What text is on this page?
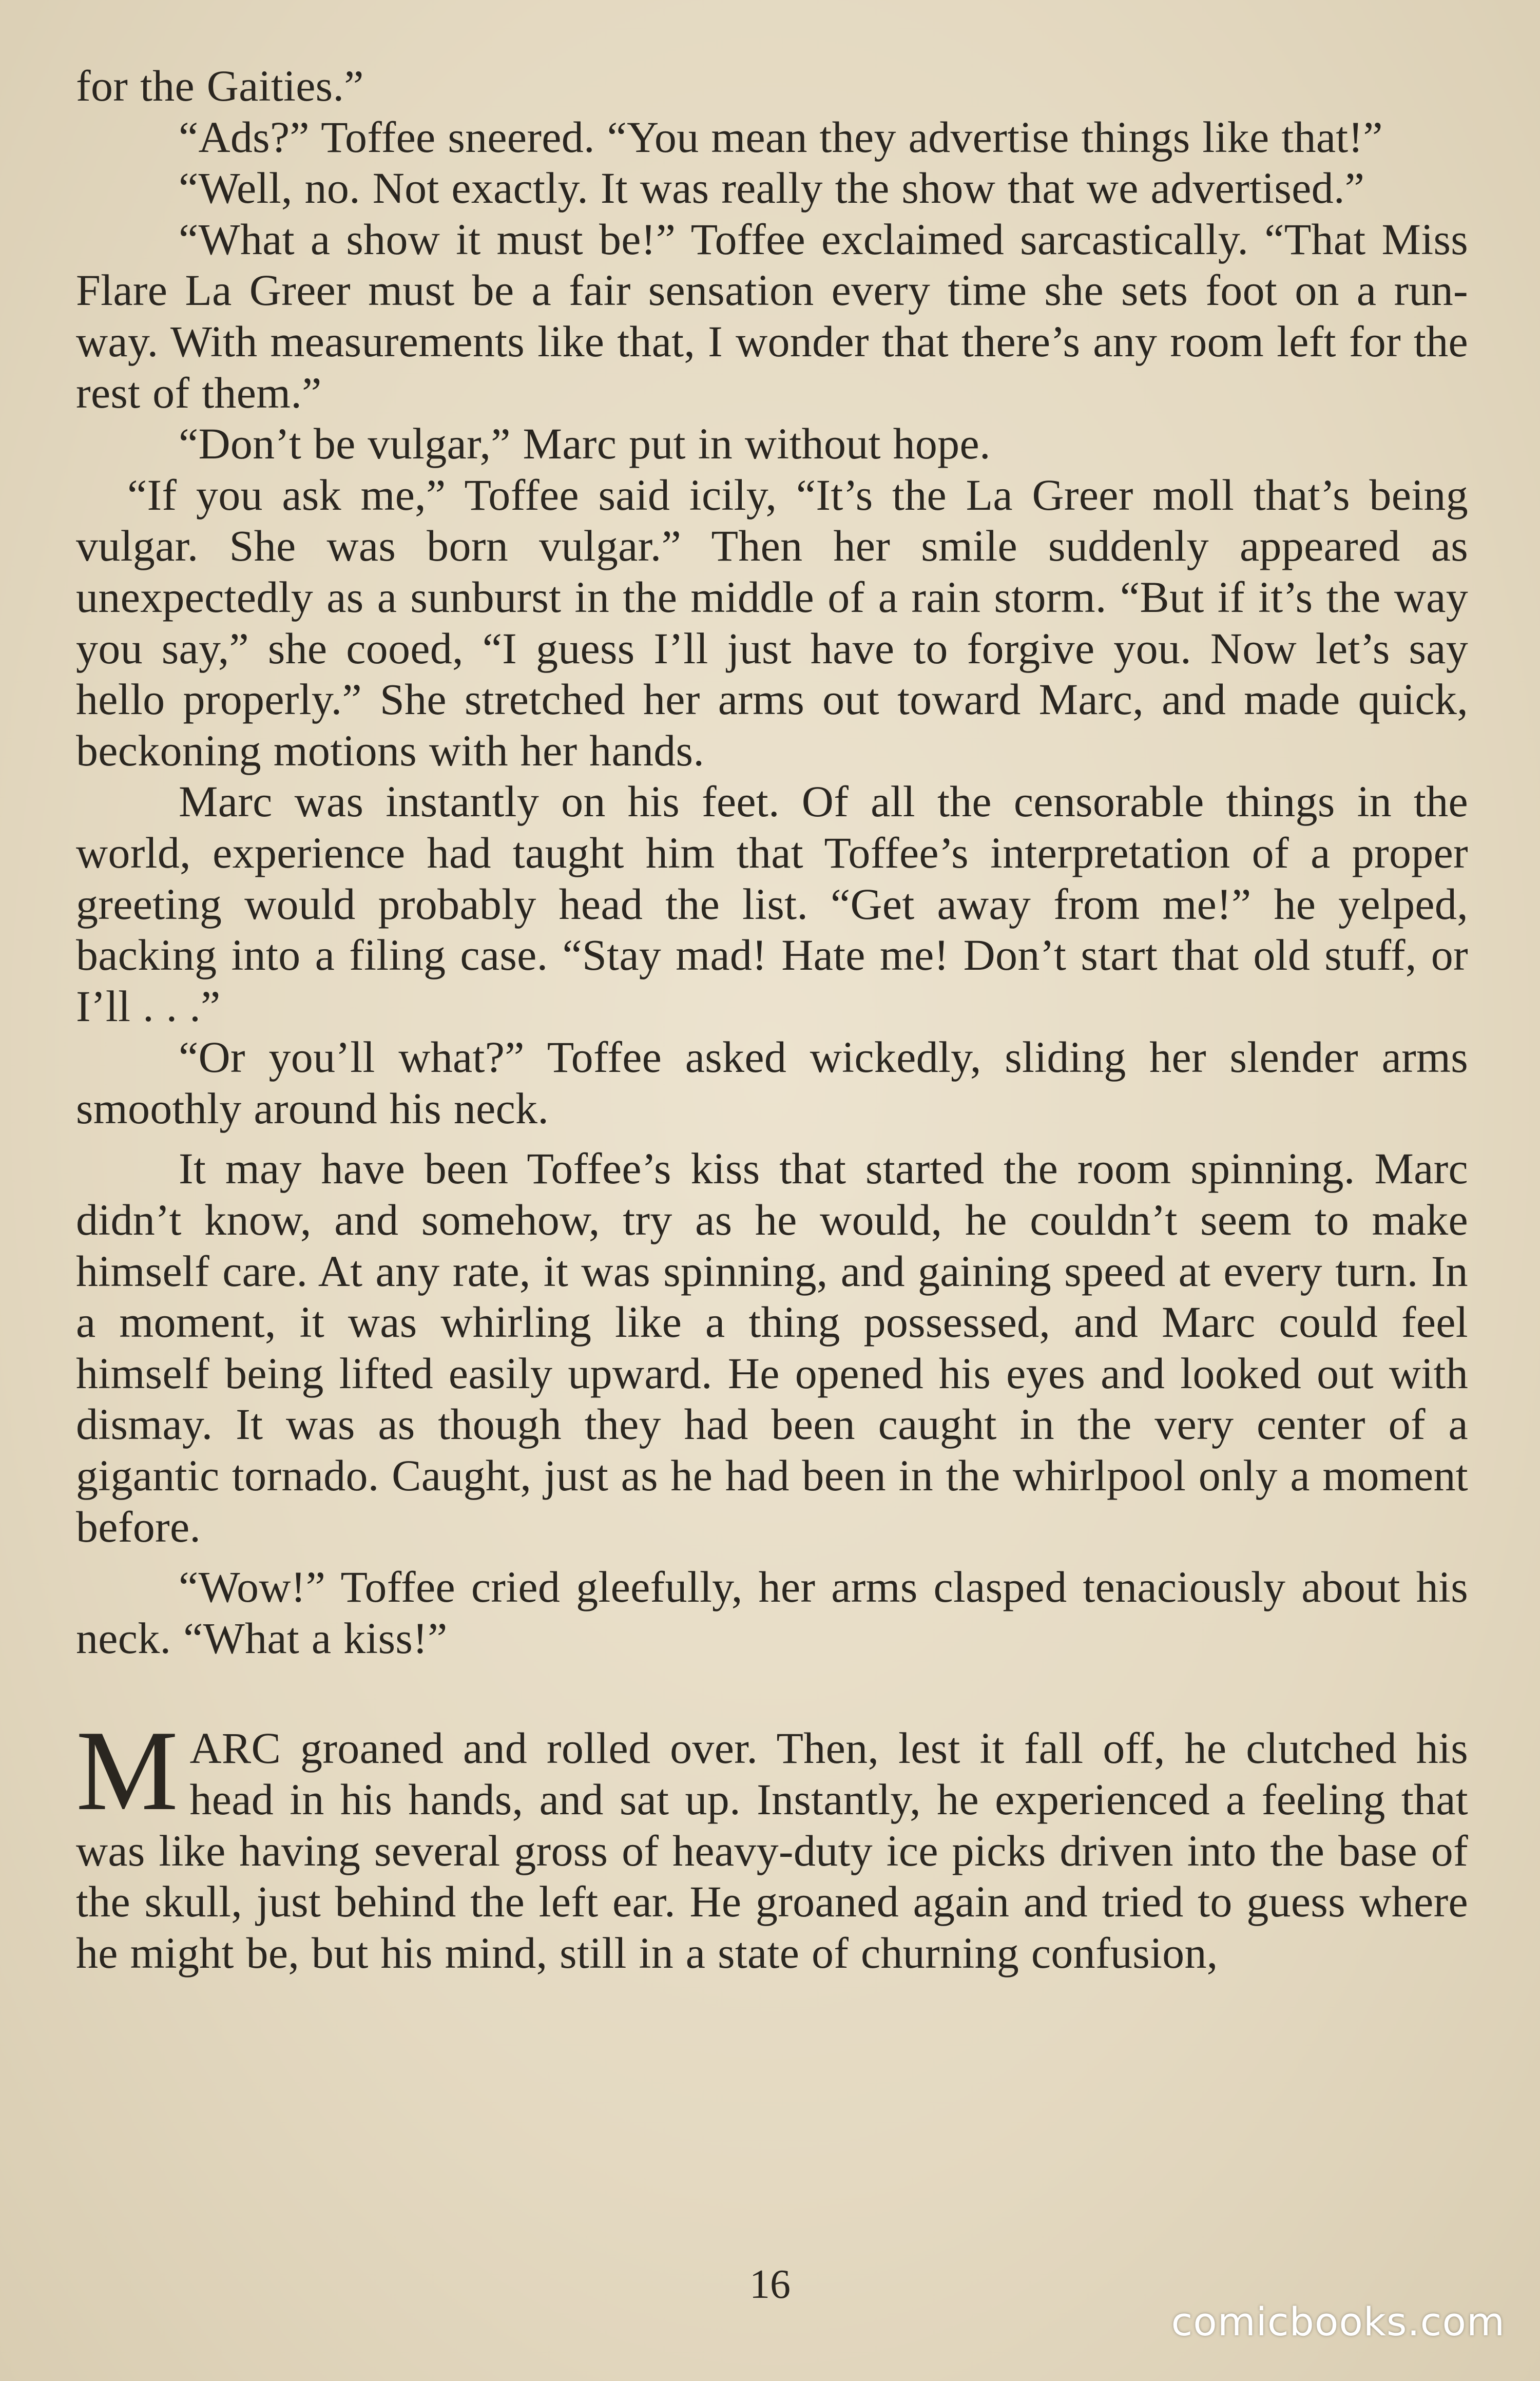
for the Gaities.”

“Ads?” Toffee sneered. “You mean they advertise things like that!”

“Well, no. Not exactly. It was really the show that we advertised.”

“What a show it must be!” Toffee exclaimed sarcastically. “That Miss Flare La Greer must be a fair sensation every time she sets foot on a run-way. With measurements like that, I wonder that there’s any room left for the rest of them.”

“Don’t be vulgar,” Marc put in without hope.

“If you ask me,” Toffee said icily, “It’s the La Greer moll that’s being vulgar. She was born vulgar.” Then her smile suddenly appeared as unexpectedly as a sunburst in the middle of a rain storm. “But if it’s the way you say,” she cooed, “I guess I’ll just have to forgive you. Now let’s say hello properly.” She stretched her arms out toward Marc, and made quick, beckoning motions with her hands.

Marc was instantly on his feet. Of all the censorable things in the world, experience had taught him that Toffee’s interpretation of a proper greeting would probably head the list. “Get away from me!” he yelped, backing into a filing case. “Stay mad! Hate me! Don’t start that old stuff, or I’ll . . .”

“Or you’ll what?” Toffee asked wickedly, sliding her slender arms smoothly around his neck.

It may have been Toffee’s kiss that started the room spinning. Marc didn’t know, and somehow, try as he would, he couldn’t seem to make himself care. At any rate, it was spinning, and gaining speed at every turn. In a moment, it was whirling like a thing possessed, and Marc could feel himself being lifted easily upward. He opened his eyes and looked out with dismay. It was as though they had been caught in the very center of a gigantic tornado. Caught, just as he had been in the whirlpool only a moment before.

“Wow!” Toffee cried gleefully, her arms clasped tenaciously about his neck. “What a kiss!”

MARC groaned and rolled over. Then, lest it fall off, he clutched his head in his hands, and sat up. Instantly, he experienced a feeling that was like having several gross of heavy-duty ice picks driven into the base of the skull, just behind the left ear. He groaned again and tried to guess where he might be, but his mind, still in a state of churning confusion,

16
comicbooks.com
